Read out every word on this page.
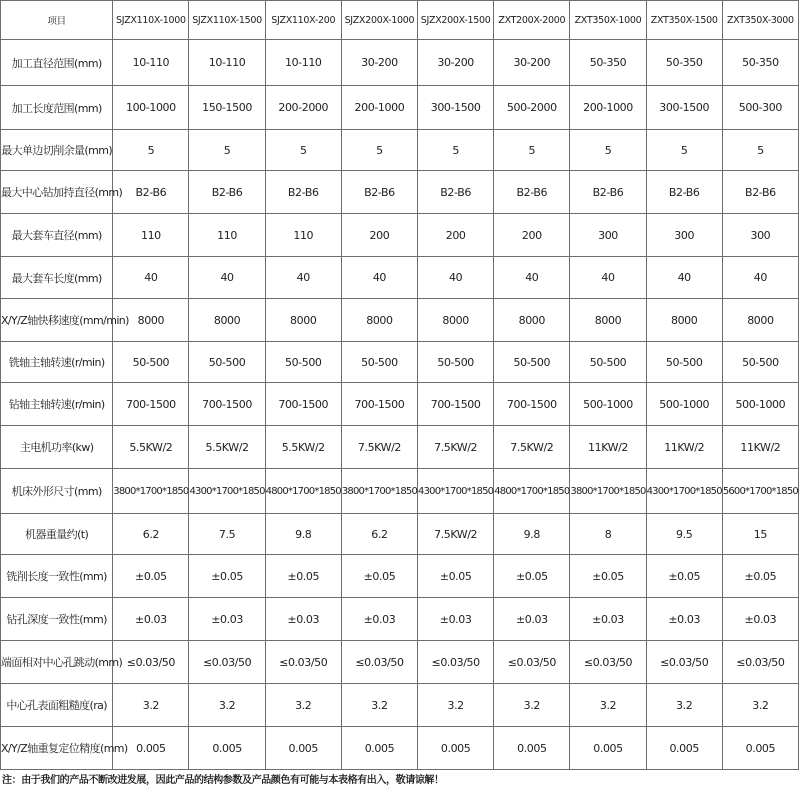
项目	SJZX110X-1000	SJZX110X-1500	SJZX110X-200	SJZX200X-1000	SJZX200X-1500	ZXT200X-2000	ZXT350X-1000	ZXT350X-1500	ZXT350X-3000
加工直径范围(mm)	10-110	10-110	10-110	30-200	30-200	30-200	50-350	50-350	50-350
加工长度范围(mm)	100-1000	150-1500	200-2000	200-1000	300-1500	500-2000	200-1000	300-1500	500-300
最大单边切削余量(mm)	5	5	5	5	5	5	5	5	5
最大中心钻加持直径(mm)	B2-B6	B2-B6	B2-B6	B2-B6	B2-B6	B2-B6	B2-B6	B2-B6	B2-B6
最大套车直径(mm)	110	110	110	200	200	200	300	300	300
最大套车长度(mm)	40	40	40	40	40	40	40	40	40
X/Y/Z轴快移速度(mm/min)	8000	8000	8000	8000	8000	8000	8000	8000	8000
铣轴主轴转速(r/min)	50-500	50-500	50-500	50-500	50-500	50-500	50-500	50-500	50-500
钻轴主轴转速(r/min)	700-1500	700-1500	700-1500	700-1500	700-1500	700-1500	500-1000	500-1000	500-1000
主电机功率(kw)	5.5KW/2	5.5KW/2	5.5KW/2	7.5KW/2	7.5KW/2	7.5KW/2	11KW/2	11KW/2	11KW/2
机床外形尺寸(mm)	3800*1700*1850	4300*1700*1850	4800*1700*1850	3800*1700*1850	4300*1700*1850	4800*1700*1850	3800*1700*1850	4300*1700*1850	5600*1700*1850
机器重量约(t)	6.2	7.5	9.8	6.2	7.5KW/2	9.8	8	9.5	15
铣削长度一致性(mm)	±0.05	±0.05	±0.05	±0.05	±0.05	±0.05	±0.05	±0.05	±0.05
钻孔深度一致性(mm)	±0.03	±0.03	±0.03	±0.03	±0.03	±0.03	±0.03	±0.03	±0.03
端面相对中心孔跳动(mm)	≤0.03/50	≤0.03/50	≤0.03/50	≤0.03/50	≤0.03/50	≤0.03/50	≤0.03/50	≤0.03/50	≤0.03/50
中心孔表面粗糙度(ra)	3.2	3.2	3.2	3.2	3.2	3.2	3.2	3.2	3.2
X/Y/Z轴重复定位精度(mm)	0.005	0.005	0.005	0.005	0.005	0.005	0.005	0.005	0.005
注：由于我们的产品不断改进发展，因此产品的结构参数及产品颜色有可能与本表格有出入，敬请谅解！
